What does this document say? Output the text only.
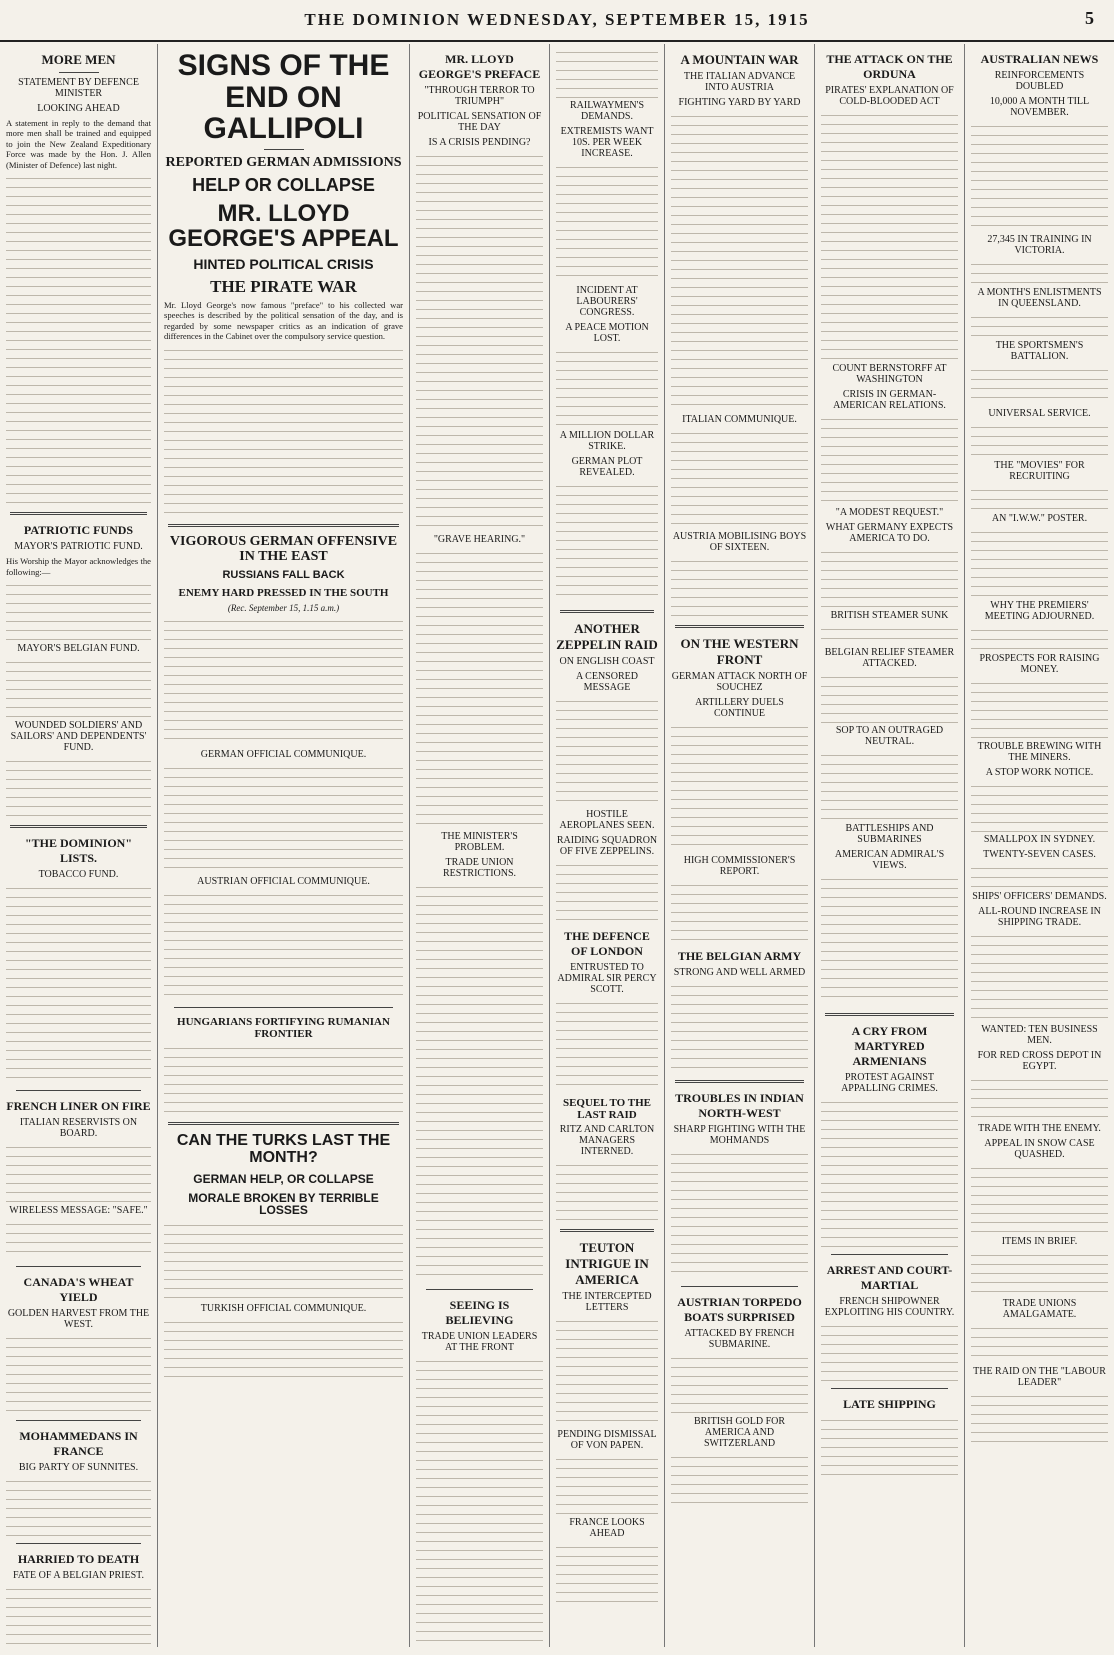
THE DOMINION WEDNESDAY, SEPTEMBER 15, 1915	5
MORE MEN
STATEMENT BY DEFENCE MINISTER
LOOKING AHEAD
A statement in reply to the demand that more men shall be trained and equipped to join the New Zealand Expeditionary Force was made by the Hon. J. Allen (Minister of Defence) last night.
PATRIOTIC FUNDS
MAYOR'S PATRIOTIC FUND.
His Worship the Mayor acknowledges the following:—
MAYOR'S BELGIAN FUND.
WOUNDED SOLDIERS' AND SAILORS' AND DEPENDENTS' FUND.
"THE DOMINION" LISTS.
TOBACCO FUND.
FRENCH LINER ON FIRE
ITALIAN RESERVISTS ON BOARD.
WIRELESS MESSAGE: "SAFE."
CANADA'S WHEAT YIELD
GOLDEN HARVEST FROM THE WEST.
MOHAMMEDANS IN FRANCE
BIG PARTY OF SUNNITES.
HARRIED TO DEATH
FATE OF A BELGIAN PRIEST.
SIGNS OF THE END ON GALLIPOLI
REPORTED GERMAN ADMISSIONS
HELP OR COLLAPSE
MR. LLOYD GEORGE'S APPEAL
HINTED POLITICAL CRISIS
THE PIRATE WAR
Mr. Lloyd George's now famous "preface" to his collected war speeches is described by the political sensation of the day, and is regarded by some newspaper critics as an indication of grave differences in the Cabinet over the compulsory service question.
VIGOROUS GERMAN OFFENSIVE IN THE EAST
RUSSIANS FALL BACK
ENEMY HARD PRESSED IN THE SOUTH
(Rec. September 15, 1.15 a.m.)
GERMAN OFFICIAL COMMUNIQUE.
AUSTRIAN OFFICIAL COMMUNIQUE.
HUNGARIANS FORTIFYING RUMANIAN FRONTIER
CAN THE TURKS LAST THE MONTH?
GERMAN HELP, OR COLLAPSE
MORALE BROKEN BY TERRIBLE LOSSES
TURKISH OFFICIAL COMMUNIQUE.
MR. LLOYD GEORGE'S PREFACE
"THROUGH TERROR TO TRIUMPH"
POLITICAL SENSATION OF THE DAY
IS A CRISIS PENDING?
"GRAVE HEARING."
THE MINISTER'S PROBLEM.
TRADE UNION RESTRICTIONS.
SEEING IS BELIEVING
TRADE UNION LEADERS AT THE FRONT
RAILWAYMEN'S DEMANDS.
EXTREMISTS WANT 10S. PER WEEK INCREASE.
INCIDENT AT LABOURERS' CONGRESS.
A PEACE MOTION LOST.
A MILLION DOLLAR STRIKE.
GERMAN PLOT REVEALED.
ANOTHER ZEPPELIN RAID
ON ENGLISH COAST
A CENSORED MESSAGE
HOSTILE AEROPLANES SEEN.
RAIDING SQUADRON OF FIVE ZEPPELINS.
THE DEFENCE OF LONDON
ENTRUSTED TO ADMIRAL SIR PERCY SCOTT.
SEQUEL TO THE LAST RAID
RITZ AND CARLTON MANAGERS INTERNED.
TEUTON INTRIGUE IN AMERICA
THE INTERCEPTED LETTERS
PENDING DISMISSAL OF VON PAPEN.
FRANCE LOOKS AHEAD
A MOUNTAIN WAR
THE ITALIAN ADVANCE INTO AUSTRIA
FIGHTING YARD BY YARD
ITALIAN COMMUNIQUE.
AUSTRIA MOBILISING BOYS OF SIXTEEN.
ON THE WESTERN FRONT
GERMAN ATTACK NORTH OF SOUCHEZ
ARTILLERY DUELS CONTINUE
HIGH COMMISSIONER'S REPORT.
THE BELGIAN ARMY
STRONG AND WELL ARMED
TROUBLES IN INDIAN NORTH-WEST
SHARP FIGHTING WITH THE MOHMANDS
AUSTRIAN TORPEDO BOATS SURPRISED
ATTACKED BY FRENCH SUBMARINE.
BRITISH GOLD FOR AMERICA AND SWITZERLAND
THE ATTACK ON THE ORDUNA
PIRATES' EXPLANATION OF COLD-BLOODED ACT
COUNT BERNSTORFF AT WASHINGTON
CRISIS IN GERMAN-AMERICAN RELATIONS.
"A MODEST REQUEST."
WHAT GERMANY EXPECTS AMERICA TO DO.
BRITISH STEAMER SUNK
BELGIAN RELIEF STEAMER ATTACKED.
SOP TO AN OUTRAGED NEUTRAL.
BATTLESHIPS AND SUBMARINES
AMERICAN ADMIRAL'S VIEWS.
A CRY FROM MARTYRED ARMENIANS
PROTEST AGAINST APPALLING CRIMES.
ARREST AND COURT-MARTIAL
FRENCH SHIPOWNER EXPLOITING HIS COUNTRY.
LATE SHIPPING
AUSTRALIAN NEWS
REINFORCEMENTS DOUBLED
10,000 A MONTH TILL NOVEMBER.
27,345 IN TRAINING IN VICTORIA.
A MONTH'S ENLISTMENTS IN QUEENSLAND.
THE SPORTSMEN'S BATTALION.
UNIVERSAL SERVICE.
THE "MOVIES" FOR RECRUITING
AN "I.W.W." POSTER.
WHY THE PREMIERS' MEETING ADJOURNED.
PROSPECTS FOR RAISING MONEY.
TROUBLE BREWING WITH THE MINERS.
A STOP WORK NOTICE.
SMALLPOX IN SYDNEY.
TWENTY-SEVEN CASES.
SHIPS' OFFICERS' DEMANDS.
ALL-ROUND INCREASE IN SHIPPING TRADE.
WANTED: TEN BUSINESS MEN.
FOR RED CROSS DEPOT IN EGYPT.
TRADE WITH THE ENEMY.
APPEAL IN SNOW CASE QUASHED.
ITEMS IN BRIEF.
TRADE UNIONS AMALGAMATE.
THE RAID ON THE "LABOUR LEADER"
